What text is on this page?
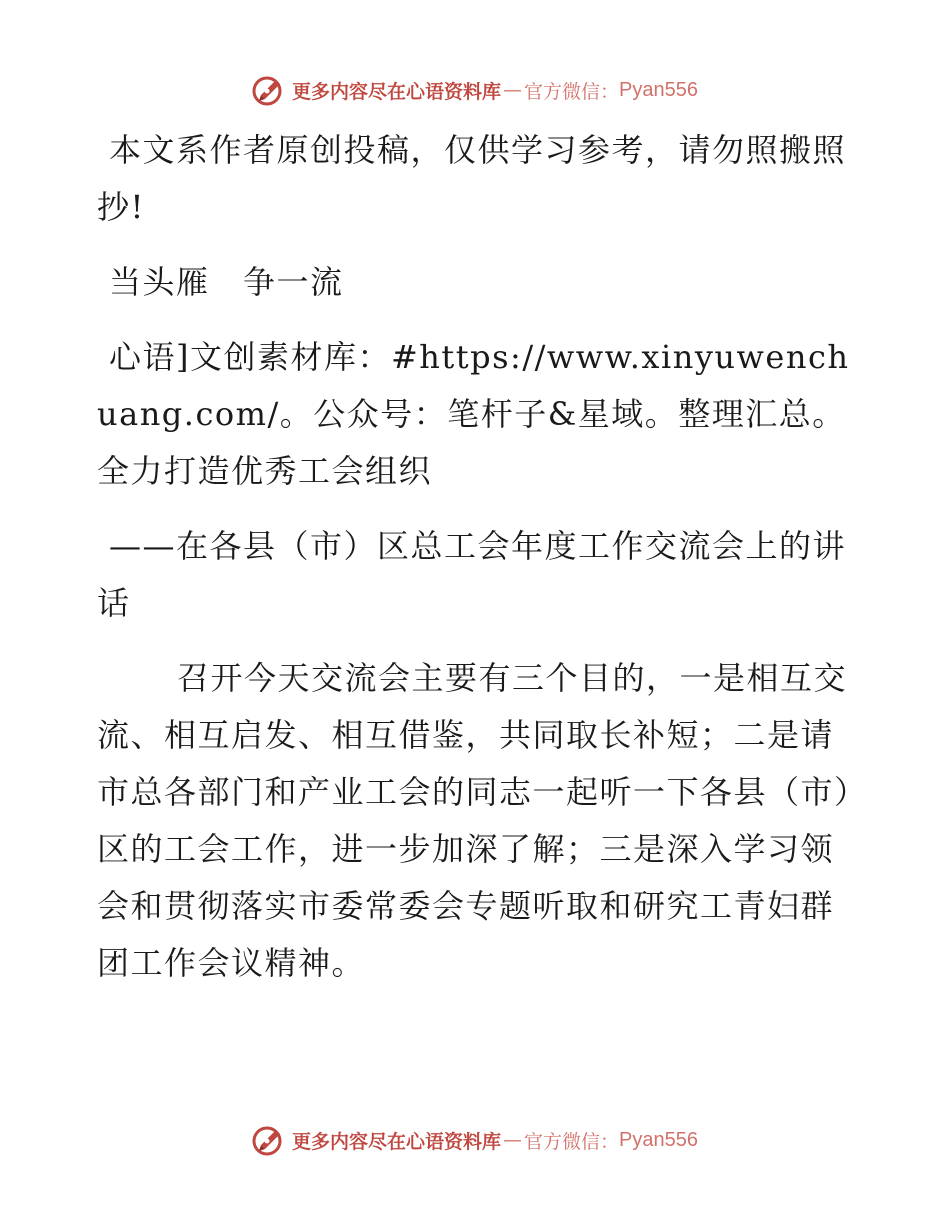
更多内容尽在心语资料库 — 官方微信： Pyan556

本文系作者原创投稿，仅供学习参考，请勿照搬照抄!

当头雁　争一流

心语]文创素材库：#https://www.xinyuwenchuang.com/。公众号：笔杆子&星域。整理汇总。全力打造优秀工会组织

——在各县（市）区总工会年度工作交流会上的讲话

召开今天交流会主要有三个目的，一是相互交流、相互启发、相互借鉴，共同取长补短；二是请市总各部门和产业工会的同志一起听一下各县（市）区的工会工作，进一步加深了解；三是深入学习领会和贯彻落实市委常委会专题听取和研究工青妇群团工作会议精神。

更多内容尽在心语资料库 — 官方微信： Pyan556
